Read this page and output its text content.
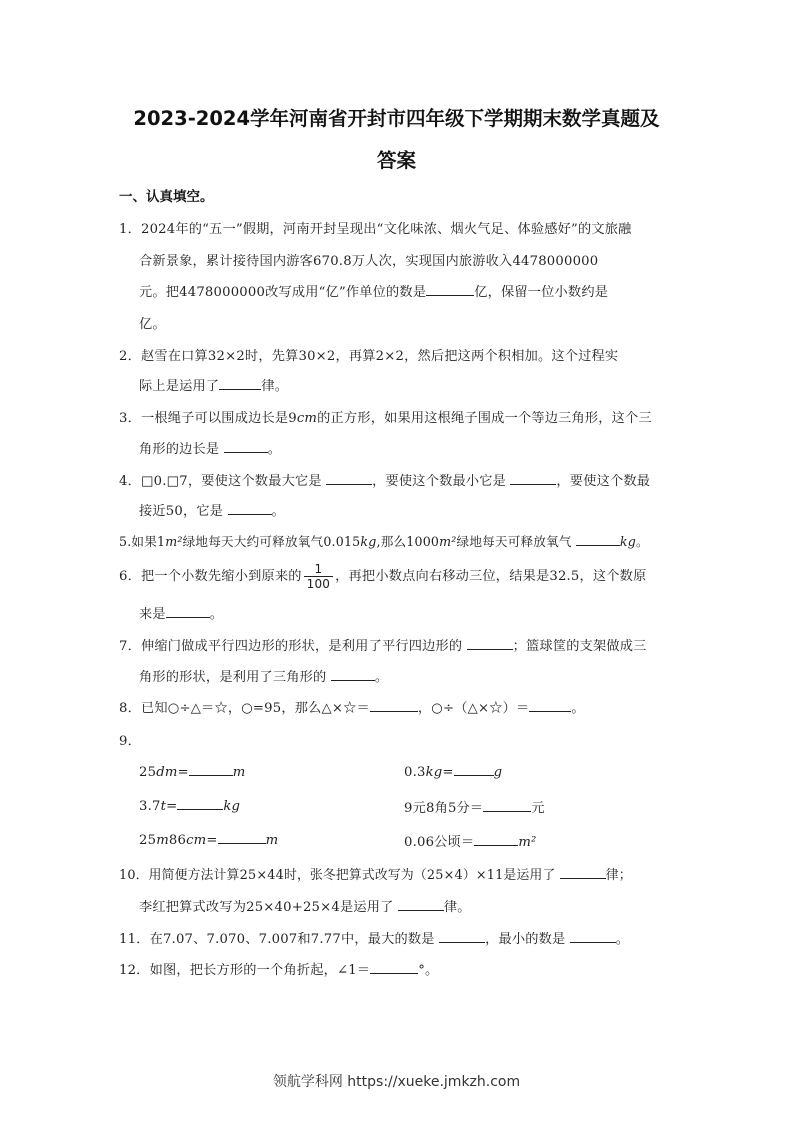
2023-2024学年河南省开封市四年级下学期期末数学真题及
答案
一、认真填空。
1．2024年的“五一”假期，河南开封呈现出“文化味浓、烟火气足、体验感好”的文旅融
合新景象，累计接待国内游客670.8万人次，实现国内旅游收入4478000000
元。把4478000000改写成用“亿”作单位的数是	亿，保留一位小数约是
亿。
2．赵雪在口算32×2时，先算30×2，再算2×2，然后把这两个积相加。这个过程实
际上是运用了	律。
3．一根绳子可以围成边长是9cm的正方形，如果用这根绳子围成一个等边三角形，这个三
角形的边长是	。
4．□0.□7，要使这个数最大它是	，要使这个数最小它是	，要使这个数最
接近50，它是	。
5.如果1m²绿地每天大约可释放氧气0.015kg,那么1000m²绿地每天可释放氧气	kg。
6．把一个小数先缩小到原来的 $\frac{1}{100}$ ，再把小数点向右移动三位，结果是32.5，这个数原
来是	。
7．伸缩门做成平行四边形的形状，是利用了平行四边形的	；篮球筐的支架做成三
角形的形状，是利用了三角形的	。
8．已知○÷△＝☆，○=95，那么△×☆＝	，○÷（△×☆）＝	。
9．
25dm=	m	0.3kg=	g
3.7t=	kg	9元8角5分＝	元
25m86cm=	m	0.06公顷＝	m²
10．用简便方法计算25×44时，张冬把算式改写为（25×4）×11是运用了	律；
李红把算式改写为25×40+25×4是运用了	律。
11．在7.07、7.070、7.007和7.77中，最大的数是	，最小的数是	。
12．如图，把长方形的一个角折起，∠1＝	°。
领航学科网 https://xueke.jmkzh.com
